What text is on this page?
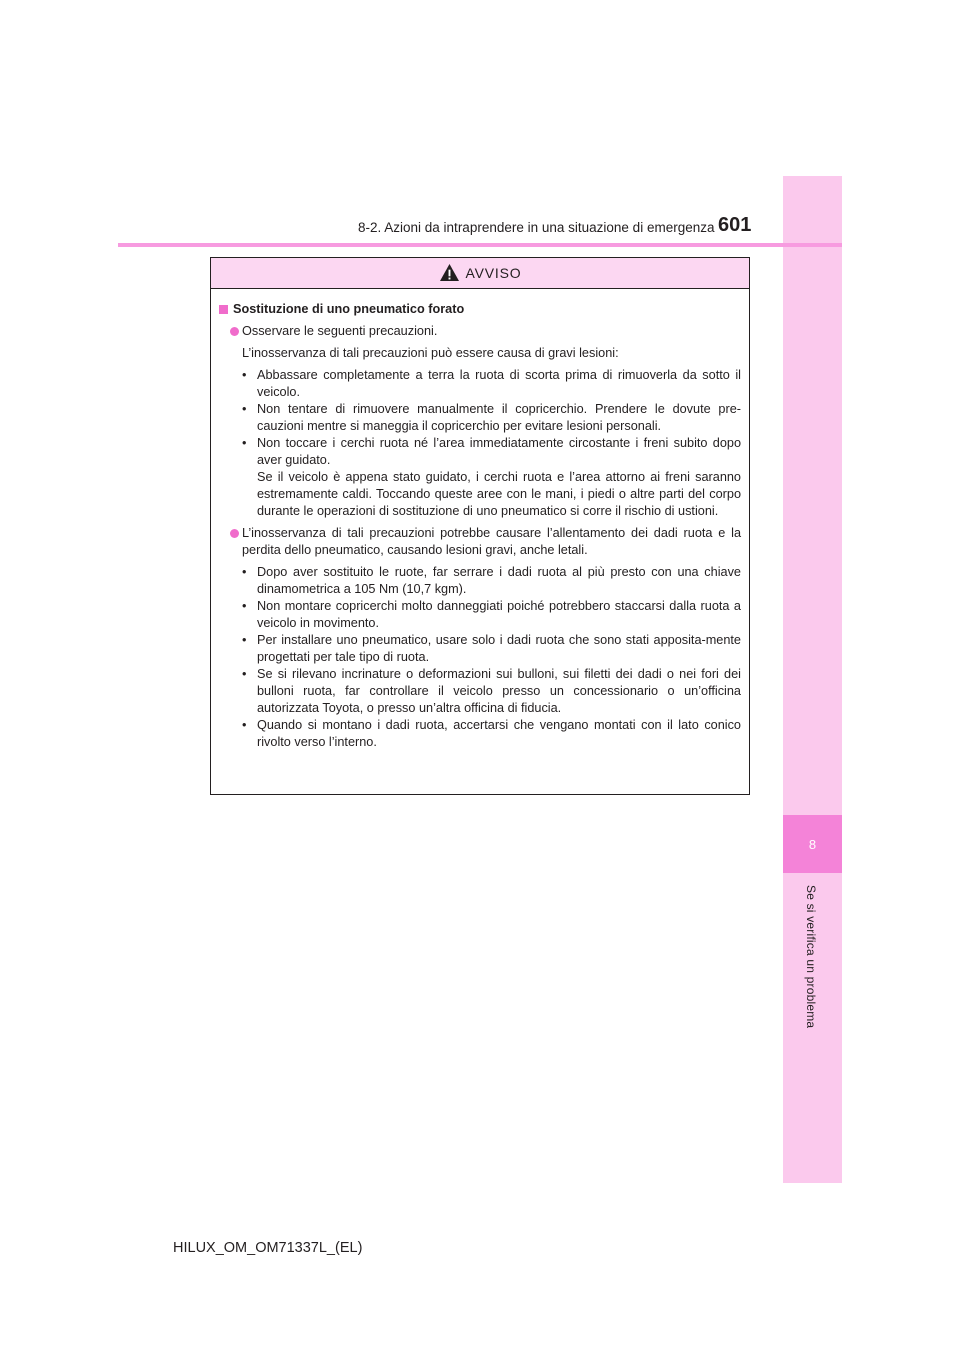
8
Se si verifica un problema
8-2. Azioni da intraprendere in una situazione di emergenza 601
AVVISO
Sostituzione di uno pneumatico forato
Osservare le seguenti precauzioni.
L’inosservanza di tali precauzioni può essere causa di gravi lesioni:
• Abbassare completamente a terra la ruota di scorta prima di rimuoverla da sotto il veicolo.
• Non tentare di rimuovere manualmente il copricerchio. Prendere le dovute pre-cauzioni mentre si maneggia il copricerchio per evitare lesioni personali.
• Non toccare i cerchi ruota né l’area immediatamente circostante i freni subito dopo aver guidato.
Se il veicolo è appena stato guidato, i cerchi ruota e l’area attorno ai freni saranno estremamente caldi. Toccando queste aree con le mani, i piedi o altre parti del corpo durante le operazioni di sostituzione di uno pneumatico si corre il rischio di ustioni.
L’inosservanza di tali precauzioni potrebbe causare l’allentamento dei dadi ruota e la perdita dello pneumatico, causando lesioni gravi, anche letali.
• Dopo aver sostituito le ruote, far serrare i dadi ruota al più presto con una chiave dinamometrica a 105 Nm (10,7 kgm).
• Non montare copricerchi molto danneggiati poiché potrebbero staccarsi dalla ruota a veicolo in movimento.
• Per installare uno pneumatico, usare solo i dadi ruota che sono stati apposita-mente progettati per tale tipo di ruota.
• Se si rilevano incrinature o deformazioni sui bulloni, sui filetti dei dadi o nei fori dei bulloni ruota, far controllare il veicolo presso un concessionario o un’officina autorizzata Toyota, o presso un’altra officina di fiducia.
• Quando si montano i dadi ruota, accertarsi che vengano montati con il lato conico rivolto verso l’interno.
HILUX_OM_OM71337L_(EL)
